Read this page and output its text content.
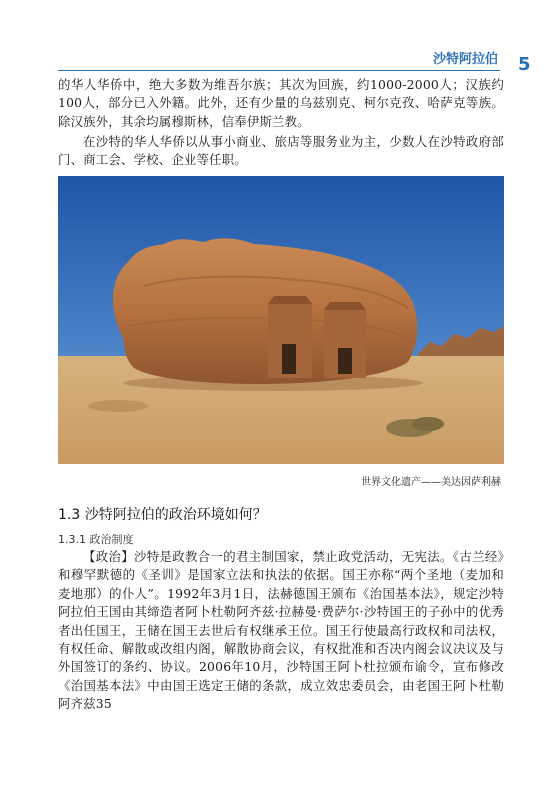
沙特阿拉伯 5

的华人华侨中，绝大多数为维吾尔族；其次为回族，约1000-2000人；汉族约100人，部分已入外籍。此外，还有少量的乌兹别克、柯尔克孜、哈萨克等族。除汉族外，其余均属穆斯林，信奉伊斯兰教。

在沙特的华人华侨以从事小商业、旅店等服务业为主，少数人在沙特政府部门、商工会、学校、企业等任职。

世界文化遗产——美达因萨利赫
1.3 沙特阿拉伯的政治环境如何？
1.3.1 政治制度

【政治】沙特是政教合一的君主制国家，禁止政党活动，无宪法。《古兰经》和穆罕默德的《圣训》是国家立法和执法的依据。国王亦称“两个圣地（麦加和麦地那）的仆人”。1992年3月1日，法赫德国王颁布《治国基本法》，规定沙特阿拉伯王国由其缔造者阿卜杜勒阿齐兹·拉赫曼·费萨尔·沙特国王的子孙中的优秀者出任国王，王储在国王去世后有权继承王位。国王行使最高行政权和司法权，有权任命、解散或改组内阁，解散协商会议，有权批准和否决内阁会议决议及与外国签订的条约、协议。2006年10月，沙特国王阿卜杜拉颁布谕令，宣布修改《治国基本法》中由国王选定王储的条款，成立效忠委员会，由老国王阿卜杜勒阿齐兹35
